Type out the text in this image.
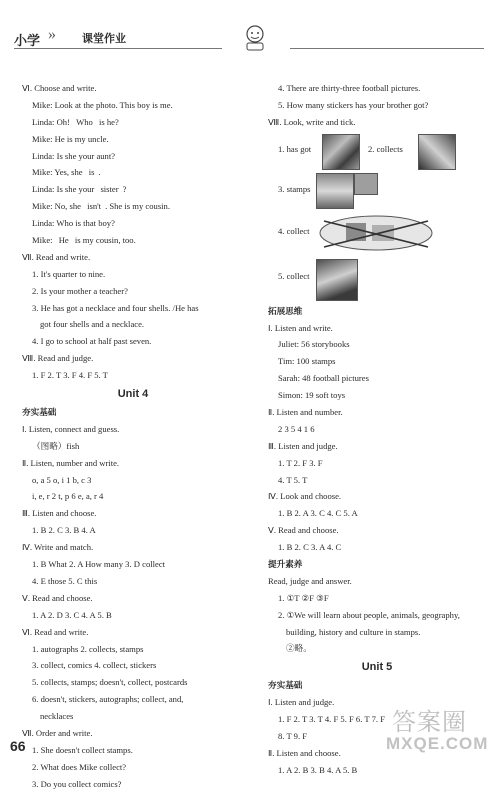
小学 » 课堂作业
Ⅵ. Choose and write.
Mike: Look at the photo. This boy is me.
Linda: Oh! Who is he?
Mike: He is my uncle.
Linda: Is she your aunt?
Mike: Yes, she is .
Linda: Is she your sister ?
Mike: No, she isn't . She is my cousin.
Linda: Who is that boy?
Mike: He is my cousin, too.
Ⅶ. Read and write.
1. It's quarter to nine.
2. Is your mother a teacher?
3. He has got a necklace and four shells. /He has
got four shells and a necklace.
4. I go to school at half past seven.
Ⅷ. Read and judge.
1. F 2. T 3. F 4. F 5. T
Unit 4
夯实基础
Ⅰ. Listen, connect and guess.
（图略）fish
Ⅱ. Listen, number and write.
o, a 5 o, i 1 b, c 3
i, e, r 2 t, p 6 e, a, r 4
Ⅲ. Listen and choose.
1. B 2. C 3. B 4. A
Ⅳ. Write and match.
1. B What 2. A How many 3. D collect
4. E those 5. C this
Ⅴ. Read and choose.
1. A 2. D 3. C 4. A 5. B
Ⅵ. Read and write.
1. autographs 2. collects, stamps
3. collect, comics 4. collect, stickers
5. collects, stamps; doesn't, collect, postcards
6. doesn't, stickers, autographs; collect, and,
necklaces
Ⅶ. Order and write.
1. She doesn't collect stamps.
2. What does Mike collect?
3. Do you collect comics?
4. There are thirty-three football pictures.
5. How many stickers has your brother got?
Ⅷ. Look, write and tick.
1. has got	2. collects
3. stamps
4. collect
5. collect
拓展思维
Ⅰ. Listen and write.
Juliet: 56 storybooks
Tim: 100 stamps
Sarah: 48 football pictures
Simon: 19 soft toys
Ⅱ. Listen and number.
2 3 5 4 1 6
Ⅲ. Listen and judge.
1. T 2. F 3. F
4. T 5. T
Ⅳ. Look and choose.
1. B 2. A 3. C 4. C 5. A
Ⅴ. Read and choose.
1. B 2. C 3. A 4. C
提升素养
Read, judge and answer.
1. ①T ②F ③F
2. ①We will learn about people, animals, geography,
building, history and culture in stamps.
②略。
Unit 5
夯实基础
Ⅰ. Listen and judge.
1. F 2. T 3. T 4. F 5. F 6. T 7. F
8. T 9. F
Ⅱ. Listen and choose.
1. A 2. B 3. B 4. A 5. B
66
答案圈
MXQE.COM
